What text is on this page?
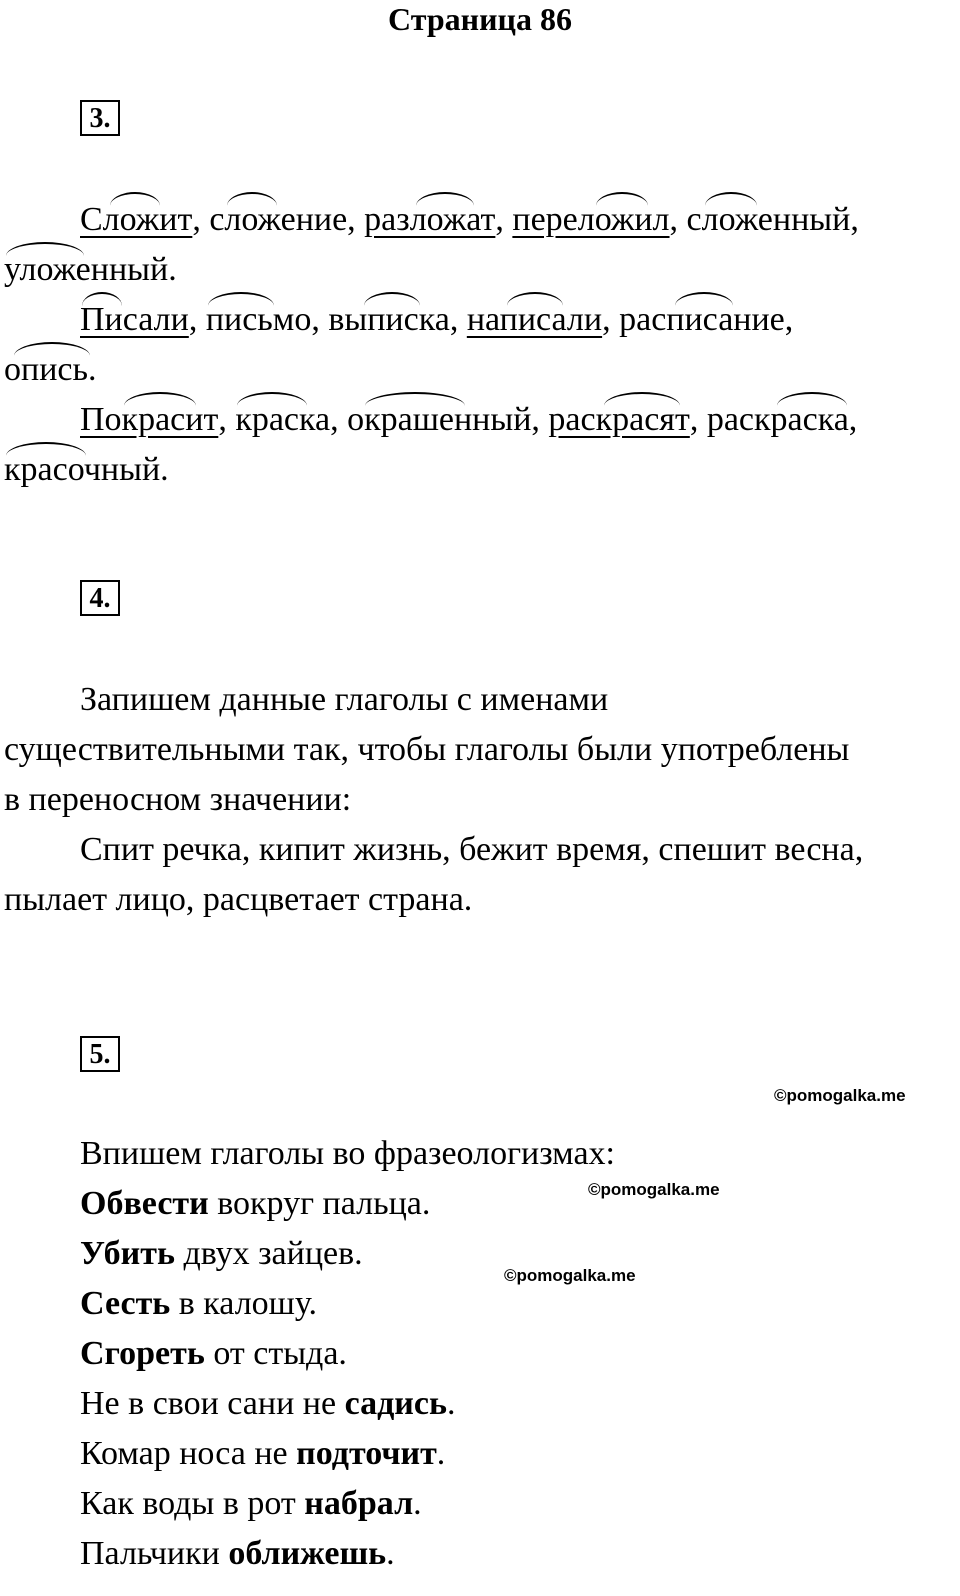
Страница 86
3.
Сложит
, сложение
, разложат
, переложил
, сложенный
,
уложенный
.
Писали
, письмо
, выписка
, написали
, расписание
,
опись
.
Покрасит
, краска
, окрашенный
, раскрасят
, раскраска
,
красочный
.
4.
Запишем данные глаголы с именами
существительными так, чтобы глаголы были употреблены
в переносном значении:
Спит речка, кипит жизнь, бежит время, спешит весна,
пылает лицо, расцветает страна.
5.
©pomogalka.me
Впишем глаголы во фразеологизмах:
©pomogalka.me
©pomogalka.me
Обвести вокруг пальца.
Убить двух зайцев.
Сесть в калошу.
Сгореть от стыда.
Не в свои сани не садись.
Комар носа не подточит.
Как воды в рот набрал.
Пальчики оближешь.
